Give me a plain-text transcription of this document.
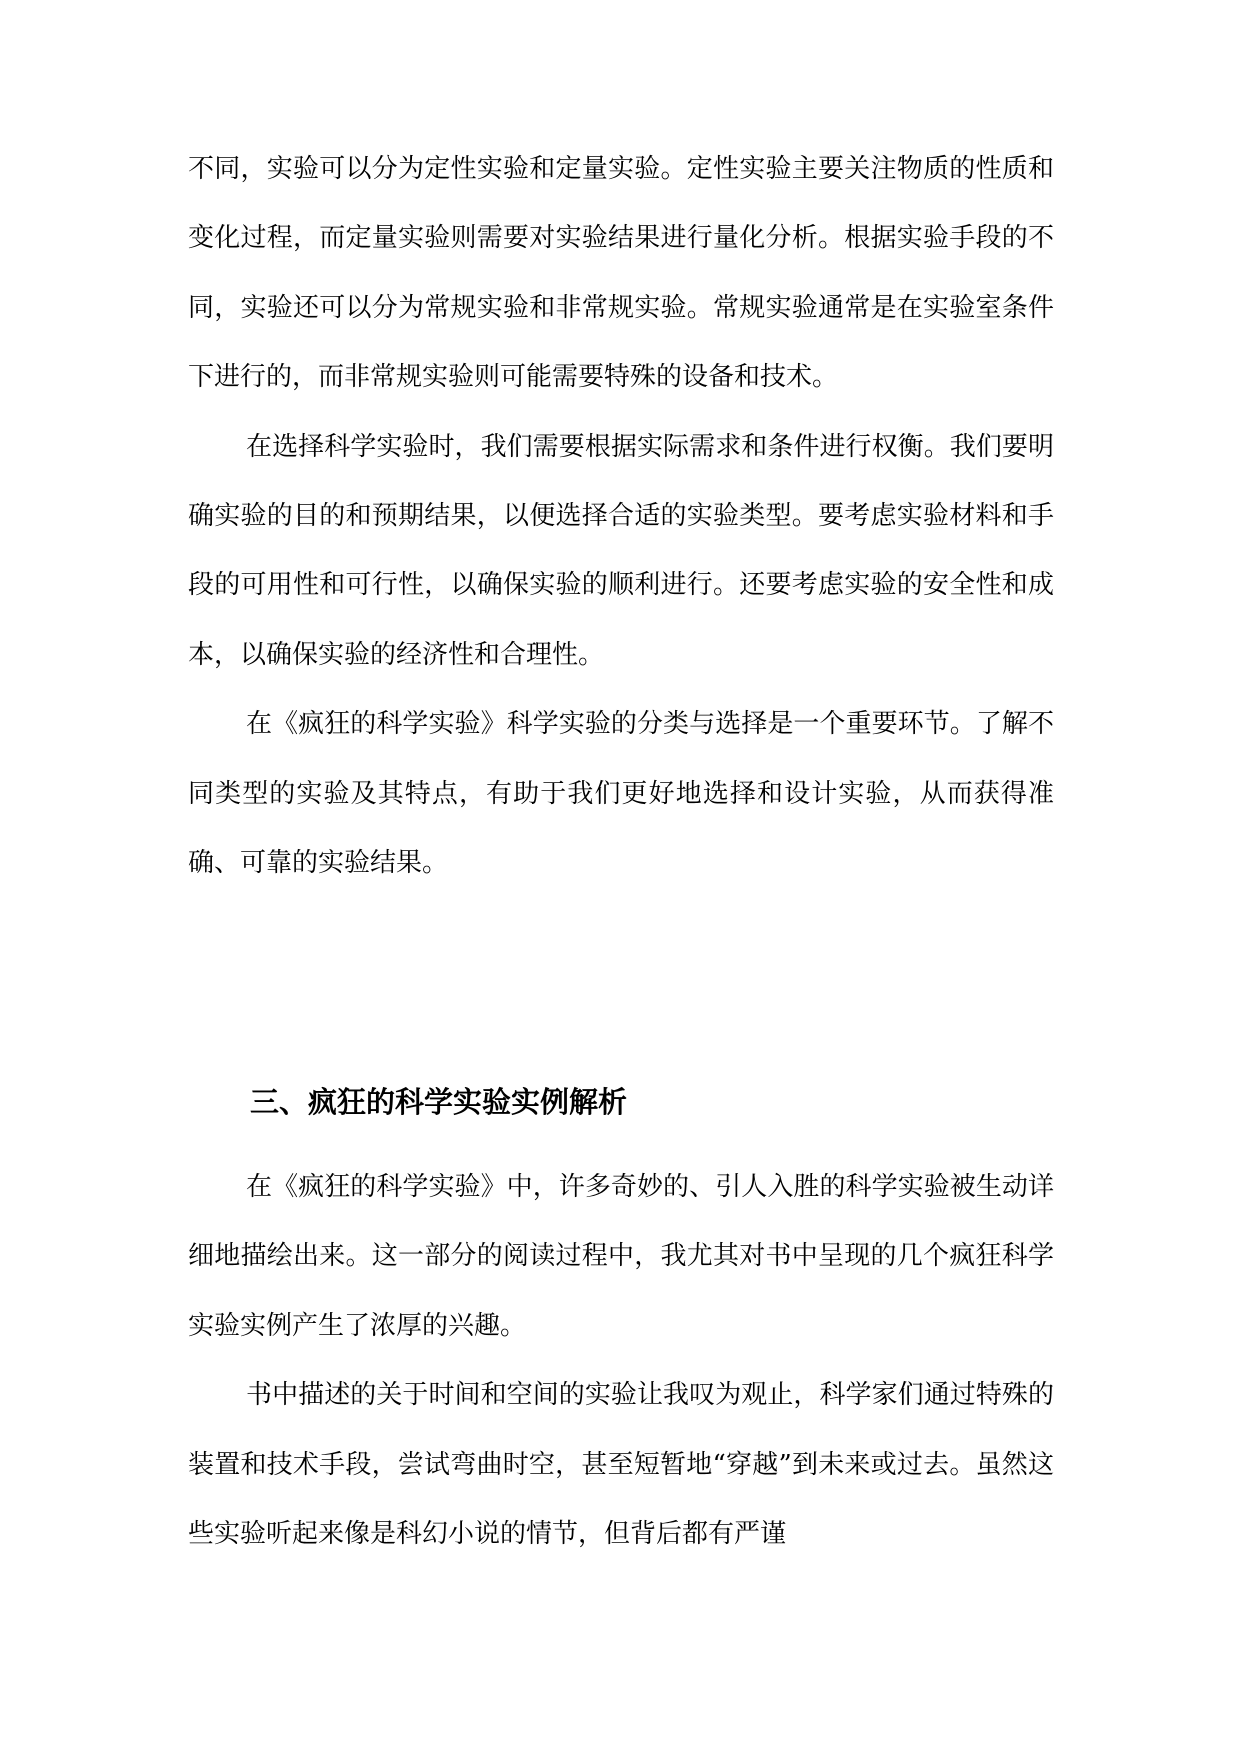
不同，实验可以分为定性实验和定量实验。定性实验主要关注物质的性质和变化过程，而定量实验则需要对实验结果进行量化分析。根据实验手段的不同，实验还可以分为常规实验和非常规实验。常规实验通常是在实验室条件下进行的，而非常规实验则可能需要特殊的设备和技术。

在选择科学实验时，我们需要根据实际需求和条件进行权衡。我们要明确实验的目的和预期结果，以便选择合适的实验类型。要考虑实验材料和手段的可用性和可行性，以确保实验的顺利进行。还要考虑实验的安全性和成本，以确保实验的经济性和合理性。

在《疯狂的科学实验》科学实验的分类与选择是一个重要环节。了解不同类型的实验及其特点，有助于我们更好地选择和设计实验，从而获得准确、可靠的实验结果。

三、疯狂的科学实验实例解析

在《疯狂的科学实验》中，许多奇妙的、引人入胜的科学实验被生动详细地描绘出来。这一部分的阅读过程中，我尤其对书中呈现的几个疯狂科学实验实例产生了浓厚的兴趣。

书中描述的关于时间和空间的实验让我叹为观止，科学家们通过特殊的装置和技术手段，尝试弯曲时空，甚至短暂地“穿越”到未来或过去。虽然这些实验听起来像是科幻小说的情节，但背后都有严谨
